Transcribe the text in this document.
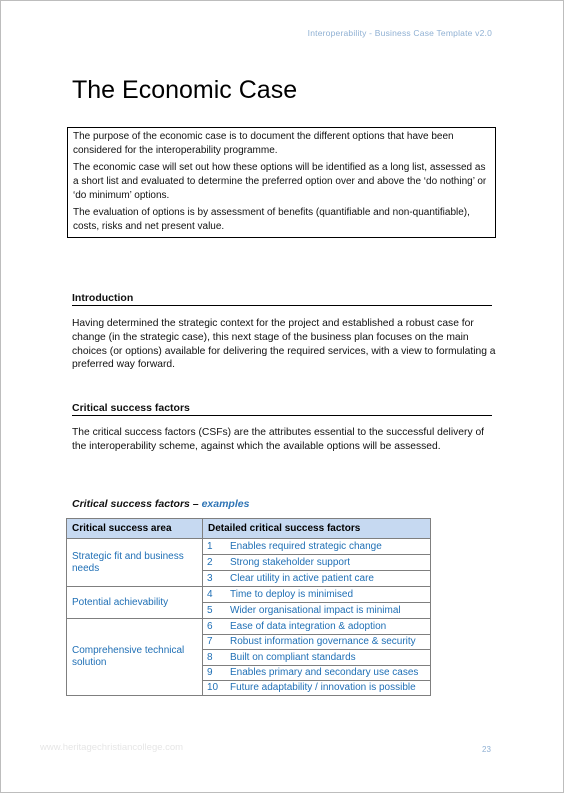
Interoperability - Business Case Template v2.0
The Economic Case

The purpose of the economic case is to document the different options that have been considered for the interoperability programme.

The economic case will set out how these options will be identified as a long list, assessed as a short list and evaluated to determine the preferred option over and above the ‘do nothing’ or ‘do minimum’ options.

The evaluation of options is by assessment of benefits (quantifiable and non-quantifiable), costs, risks and net present value.

Introduction
Having determined the strategic context for the project and established a robust case for change (in the strategic case), this next stage of the business plan focuses on the main choices (or options) available for delivering the required services, with a view to formulating a preferred way forward.
Critical success factors
The critical success factors (CSFs) are the attributes essential to the successful delivery of the interoperability scheme, against which the available options will be assessed.
Critical success factors – examples
Critical success area	Detailed critical success factors	
Strategic fit and business needs	1	Enables required strategic change
	2	Strong stakeholder support
	3	Clear utility in active patient care
Potential achievability	4	Time to deploy is minimised
	5	Wider organisational impact is minimal
Comprehensive technical solution	6	Ease of data integration & adoption
	7	Robust information governance & security
	8	Built on compliant standards
	9	Enables primary and secondary use cases
	10	Future adaptability / innovation is possible
www.heritagechristiancollege.com	23
